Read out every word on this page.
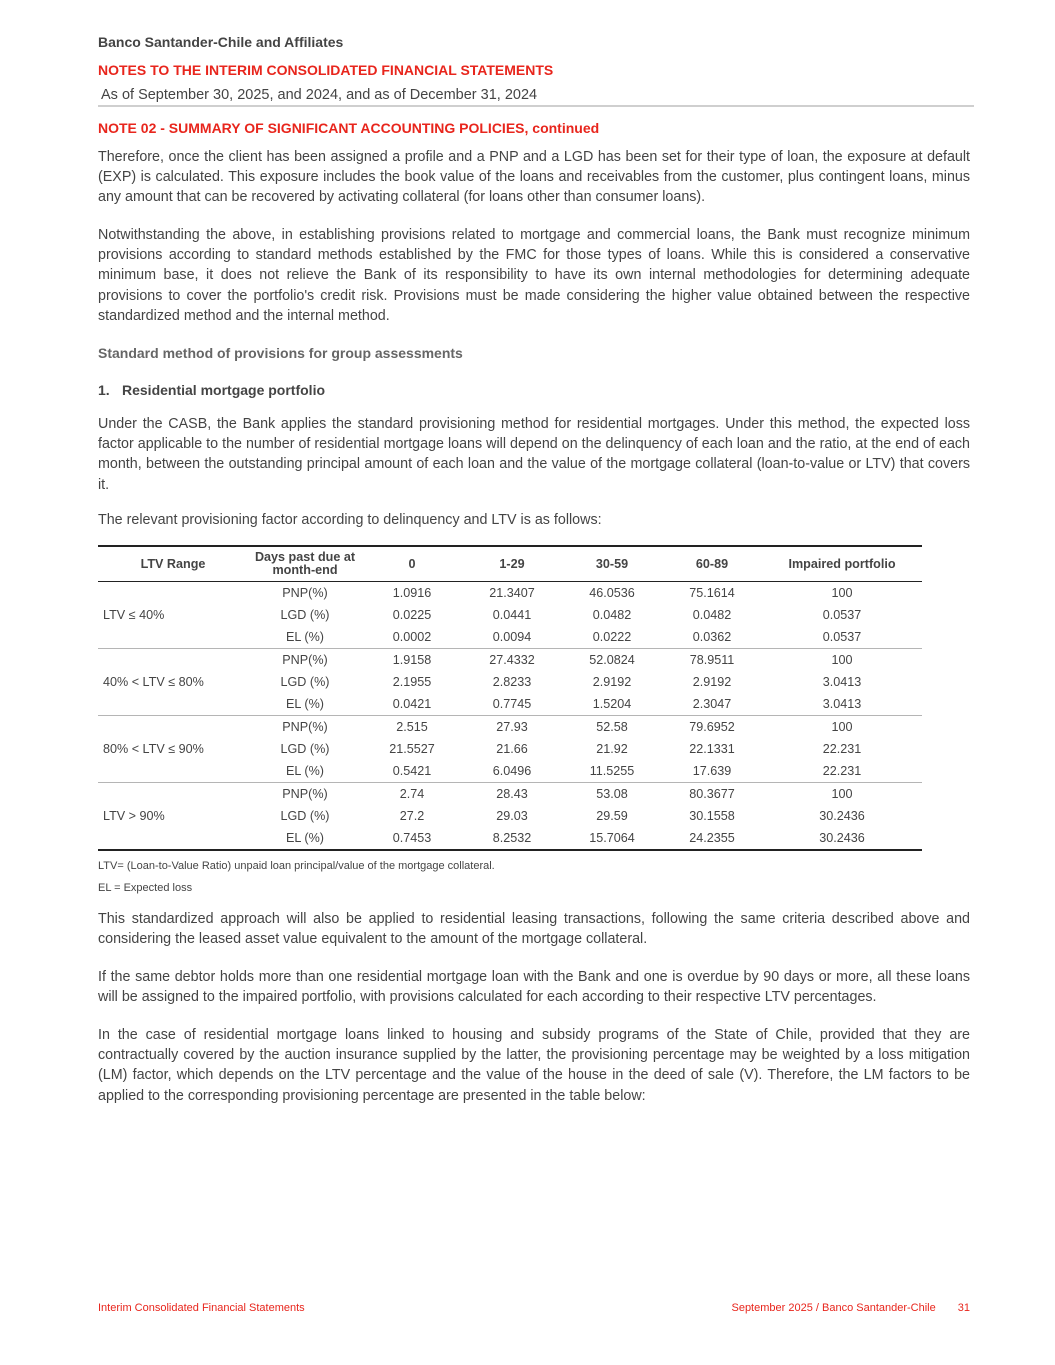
Banco Santander-Chile and Affiliates
NOTES TO THE INTERIM CONSOLIDATED FINANCIAL STATEMENTS
As of September 30, 2025, and 2024, and as of December 31, 2024
NOTE 02 - SUMMARY OF SIGNIFICANT ACCOUNTING POLICIES, continued

Therefore, once the client has been assigned a profile and a PNP and a LGD has been set for their type of loan, the exposure at default (EXP) is calculated. This exposure includes the book value of the loans and receivables from the customer, plus contingent loans, minus any amount that can be recovered by activating collateral (for loans other than consumer loans).

Notwithstanding the above, in establishing provisions related to mortgage and commercial loans, the Bank must recognize minimum provisions according to standard methods established by the FMC for those types of loans. While this is considered a conservative minimum base, it does not relieve the Bank of its responsibility to have its own internal methodologies for determining adequate provisions to cover the portfolio's credit risk. Provisions must be made considering the higher value obtained between the respective standardized method and the internal method.

Standard method of provisions for group assessments
1. Residential mortgage portfolio

Under the CASB, the Bank applies the standard provisioning method for residential mortgages. Under this method, the expected loss factor applicable to the number of residential mortgage loans will depend on the delinquency of each loan and the ratio, at the end of each month, between the outstanding principal amount of each loan and the value of the mortgage collateral (loan-to-value or LTV) that covers it.

The relevant provisioning factor according to delinquency and LTV is as follows:

LTV Range	Days past due at month-end	0	1-29	30-59	60-89	Impaired portfolio
LTV ≤ 40%	PNP(%)	1.0916	21.3407	46.0536	75.1614	100
	LGD (%)	0.0225	0.0441	0.0482	0.0482	0.0537
	EL (%)	0.0002	0.0094	0.0222	0.0362	0.0537
40% < LTV ≤ 80%	PNP(%)	1.9158	27.4332	52.0824	78.9511	100
	LGD (%)	2.1955	2.8233	2.9192	2.9192	3.0413
	EL (%)	0.0421	0.7745	1.5204	2.3047	3.0413
80% < LTV ≤ 90%	PNP(%)	2.515	27.93	52.58	79.6952	100
	LGD (%)	21.5527	21.66	21.92	22.1331	22.231
	EL (%)	0.5421	6.0496	11.5255	17.639	22.231
LTV > 90%	PNP(%)	2.74	28.43	53.08	80.3677	100
	LGD (%)	27.2	29.03	29.59	30.1558	30.2436
	EL (%)	0.7453	8.2532	15.7064	24.2355	30.2436
LTV= (Loan-to-Value Ratio) unpaid loan principal/value of the mortgage collateral.
EL = Expected loss

This standardized approach will also be applied to residential leasing transactions, following the same criteria described above and considering the leased asset value equivalent to the amount of the mortgage collateral.

If the same debtor holds more than one residential mortgage loan with the Bank and one is overdue by 90 days or more, all these loans will be assigned to the impaired portfolio, with provisions calculated for each according to their respective LTV percentages.

In the case of residential mortgage loans linked to housing and subsidy programs of the State of Chile, provided that they are contractually covered by the auction insurance supplied by the latter, the provisioning percentage may be weighted by a loss mitigation (LM) factor, which depends on the LTV percentage and the value of the house in the deed of sale (V). Therefore, the LM factors to be applied to the corresponding provisioning percentage are presented in the table below:

Interim Consolidated Financial Statements	September 2025 / Banco Santander-Chile 31
